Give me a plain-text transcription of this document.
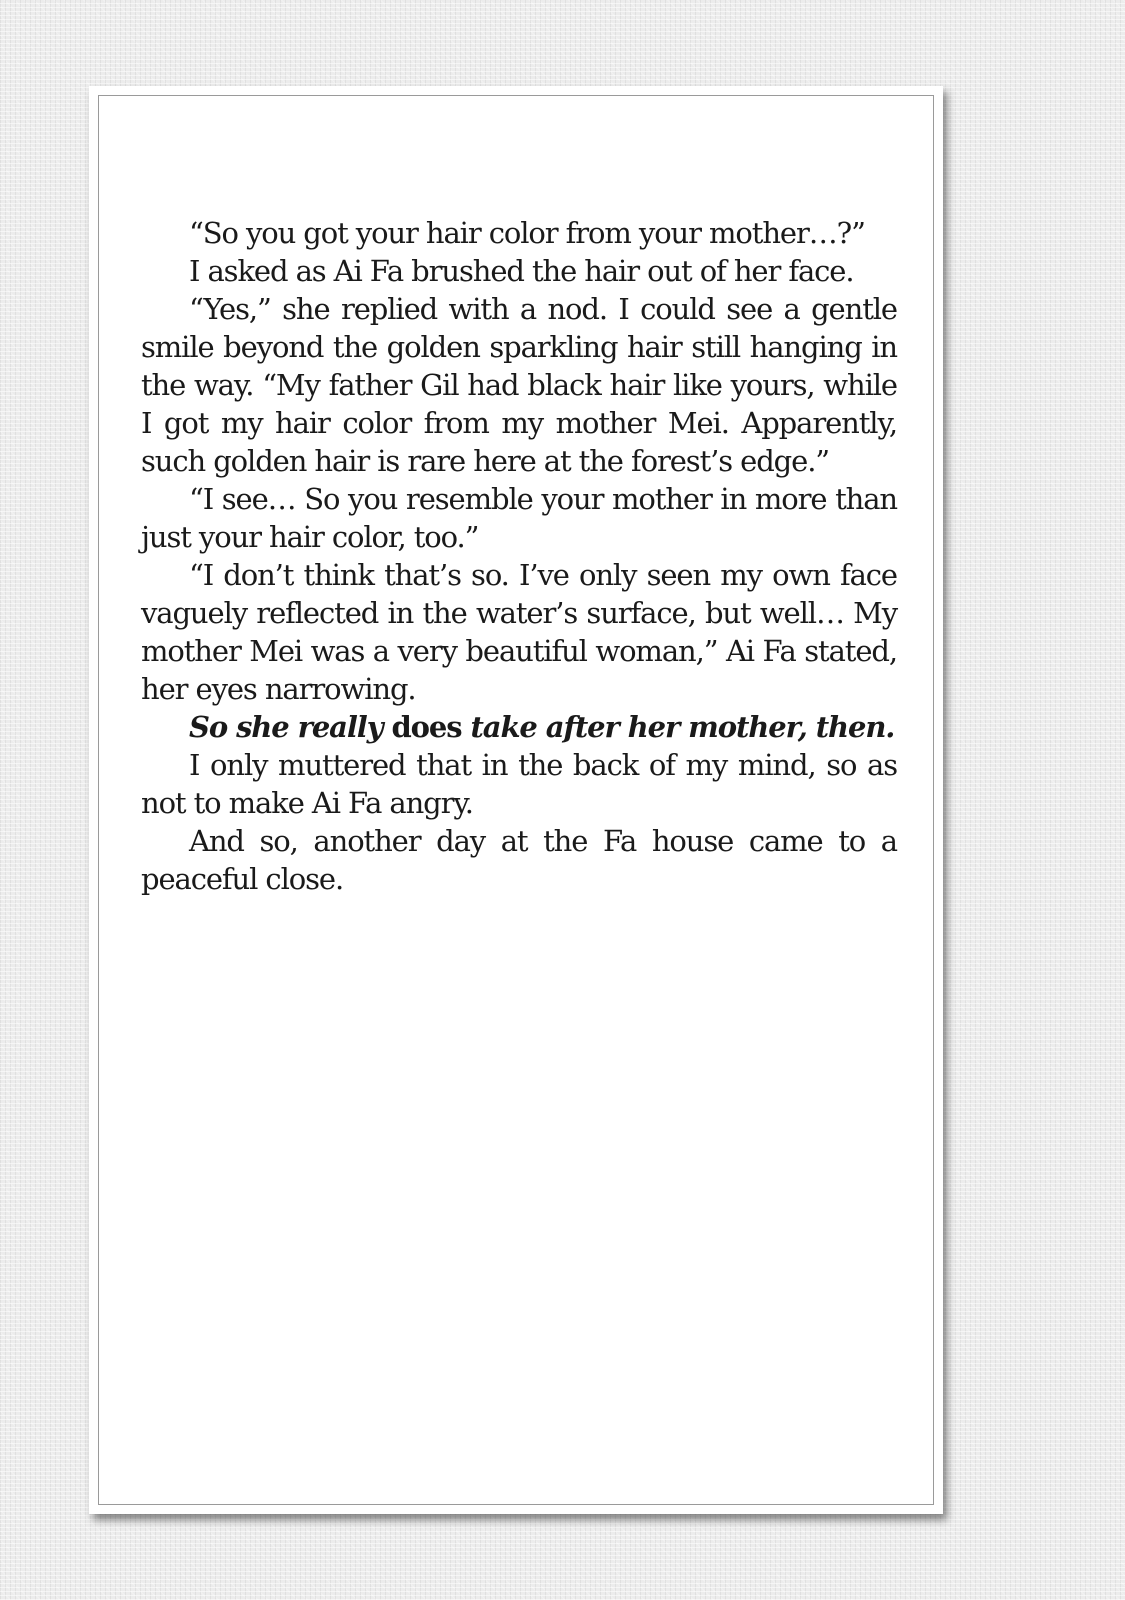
“So you got your hair color from your mother…?”

I asked as Ai Fa brushed the hair out of her face.

“Yes,” she replied with a nod. I could see a gentle smile beyond the golden sparkling hair still hanging in the way. “My father Gil had black hair like yours, while I got my hair color from my mother Mei. Apparently, such golden hair is rare here at the forest’s edge.”

“I see… So you resemble your mother in more than just your hair color, too.”

“I don’t think that’s so. I’ve only seen my own face vaguely reflected in the water’s surface, but well… My mother Mei was a very beautiful woman,” Ai Fa stated, her eyes narrowing.

So she really does take after her mother, then.

I only muttered that in the back of my mind, so as not to make Ai Fa angry.

And so, another day at the Fa house came to a peaceful close.
